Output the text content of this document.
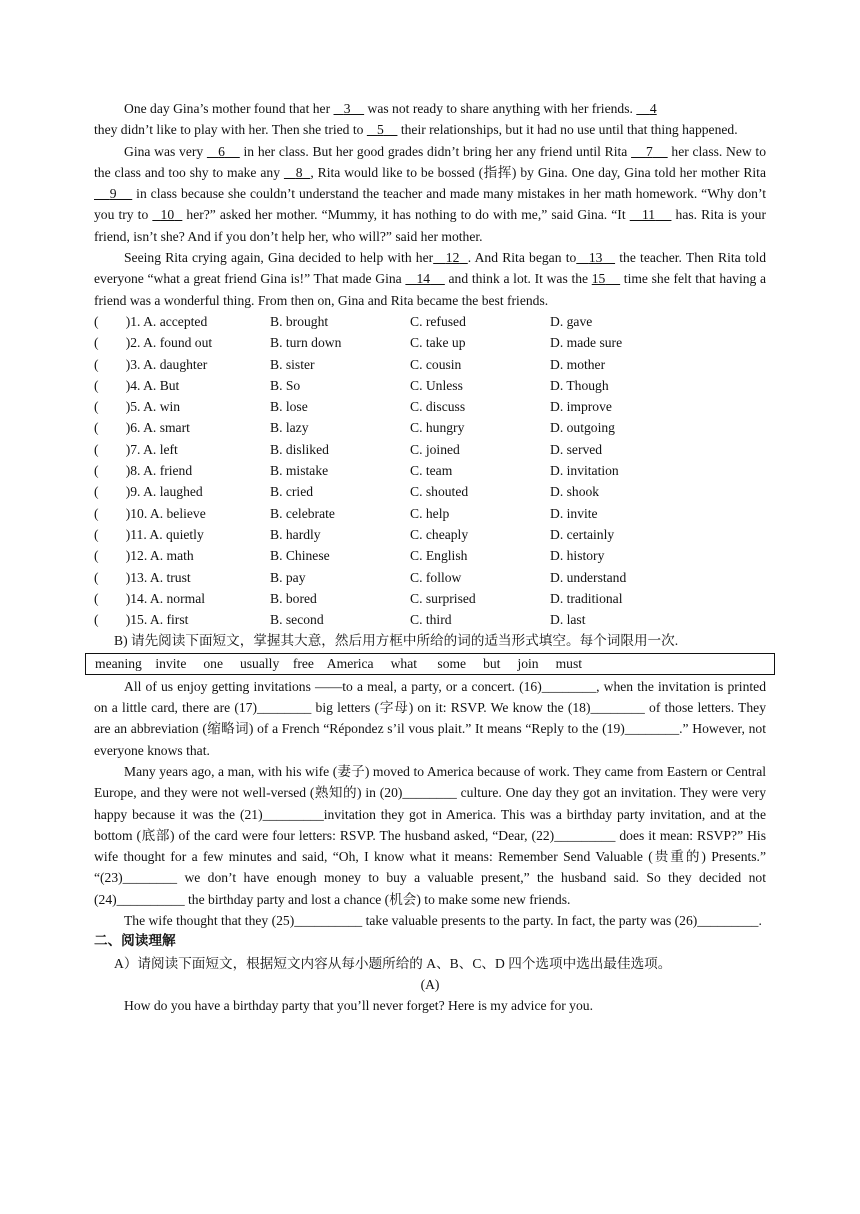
One day Gina’s mother found that her    3     was not ready to share anything with her friends.     4
they didn’t like to play with her. Then she tried to    5     their relationships, but it had no use until that thing happened.

Gina was very    6     in her class. But her good grades didn’t bring her any friend until Rita     7     her class. New to the class and too shy to make any    8 , Rita would like to be bossed (指挥) by Gina. One day, Gina told her mother Rita     9     in class because she couldn’t understand the teacher and made many mistakes in her math homework. “Why don’t you try to   10   her?” asked her mother. “Mummy, it has nothing to do with me,” said Gina. “It    11     has. Rita is your friend, isn’t she? And if you don’t help her, who will?” said her mother.

Seeing Rita crying again, Gina decided to help with her 12 . And Rita began to 13    the teacher. Then Rita told everyone “what a great friend Gina is!” That made Gina    14     and think a lot. It was the 15     time she felt that having a friend was a wonderful thing. From then on, Gina and Rita became the best friends.

(        )1. A. accepted	B. brought	C. refused	D. gave
(        )2. A. found out	B. turn down	C. take up	D. made sure
(        )3. A. daughter	B. sister	C. cousin	D. mother
(        )4. A. But	B. So	C. Unless	D. Though
(        )5. A. win	B. lose	C. discuss	D. improve
(        )6. A. smart	B. lazy	C. hungry	D. outgoing
(        )7. A. left	B. disliked	C. joined	D. served
(        )8. A. friend	B. mistake	C. team	D. invitation
(        )9. A. laughed	B. cried	C. shouted	D. shook
(        )10. A. believe	B. celebrate	C. help	D. invite
(        )11. A. quietly	B. hardly	C. cheaply	D. certainly
(        )12. A. math	B. Chinese	C. English	D. history
(        )13. A. trust	B. pay	C. follow	D. understand
(        )14. A. normal	B. bored	C. surprised	D. traditional
(        )15. A. first	B. second	C. third	D. last

B) 请先阅读下面短文，掌握其大意，然后用方框中所给的词的适当形式填空。每个词限用一次.

meaning    invite     one     usually    free    America     what      some     but     join     must

All of us enjoy getting invitations ——to a meal, a party, or a concert. (16)________, when the invitation is printed on a little card, there are (17)________ big letters (字母) on it: RSVP. We know the (18)________ of those letters. They are an abbreviation (缩略词) of a French “Répondez s’il vous plait.” It means “Reply to the (19)________.” However, not everyone knows that.

Many years ago, a man, with his wife (妻子) moved to America because of work. They came from Eastern or Central Europe, and they were not well-versed (熟知的) in (20)________ culture. One day they got an invitation. They were very happy because it was the (21)_________invitation they got in America. This was a birthday party invitation, and at the bottom (底部) of the card were four letters: RSVP. The husband asked, “Dear, (22)_________ does it mean: RSVP?” His wife thought for a few minutes and said, “Oh, I know what it means: Remember Send Valuable (贵重的) Presents.” “(23)________ we don’t have enough money to buy a valuable present,” the husband said. So they decided not (24)__________ the birthday party and lost a chance (机会) to make some new friends.

The wife thought that they (25)__________ take valuable presents to the party. In fact, the party was (26)_________.

二、阅读理解

A）请阅读下面短文，根据短文内容从每小题所给的 A、B、C、D 四个选项中选出最佳选项。

(A)

How do you have a birthday party that you’ll never forget? Here is my advice for you.
